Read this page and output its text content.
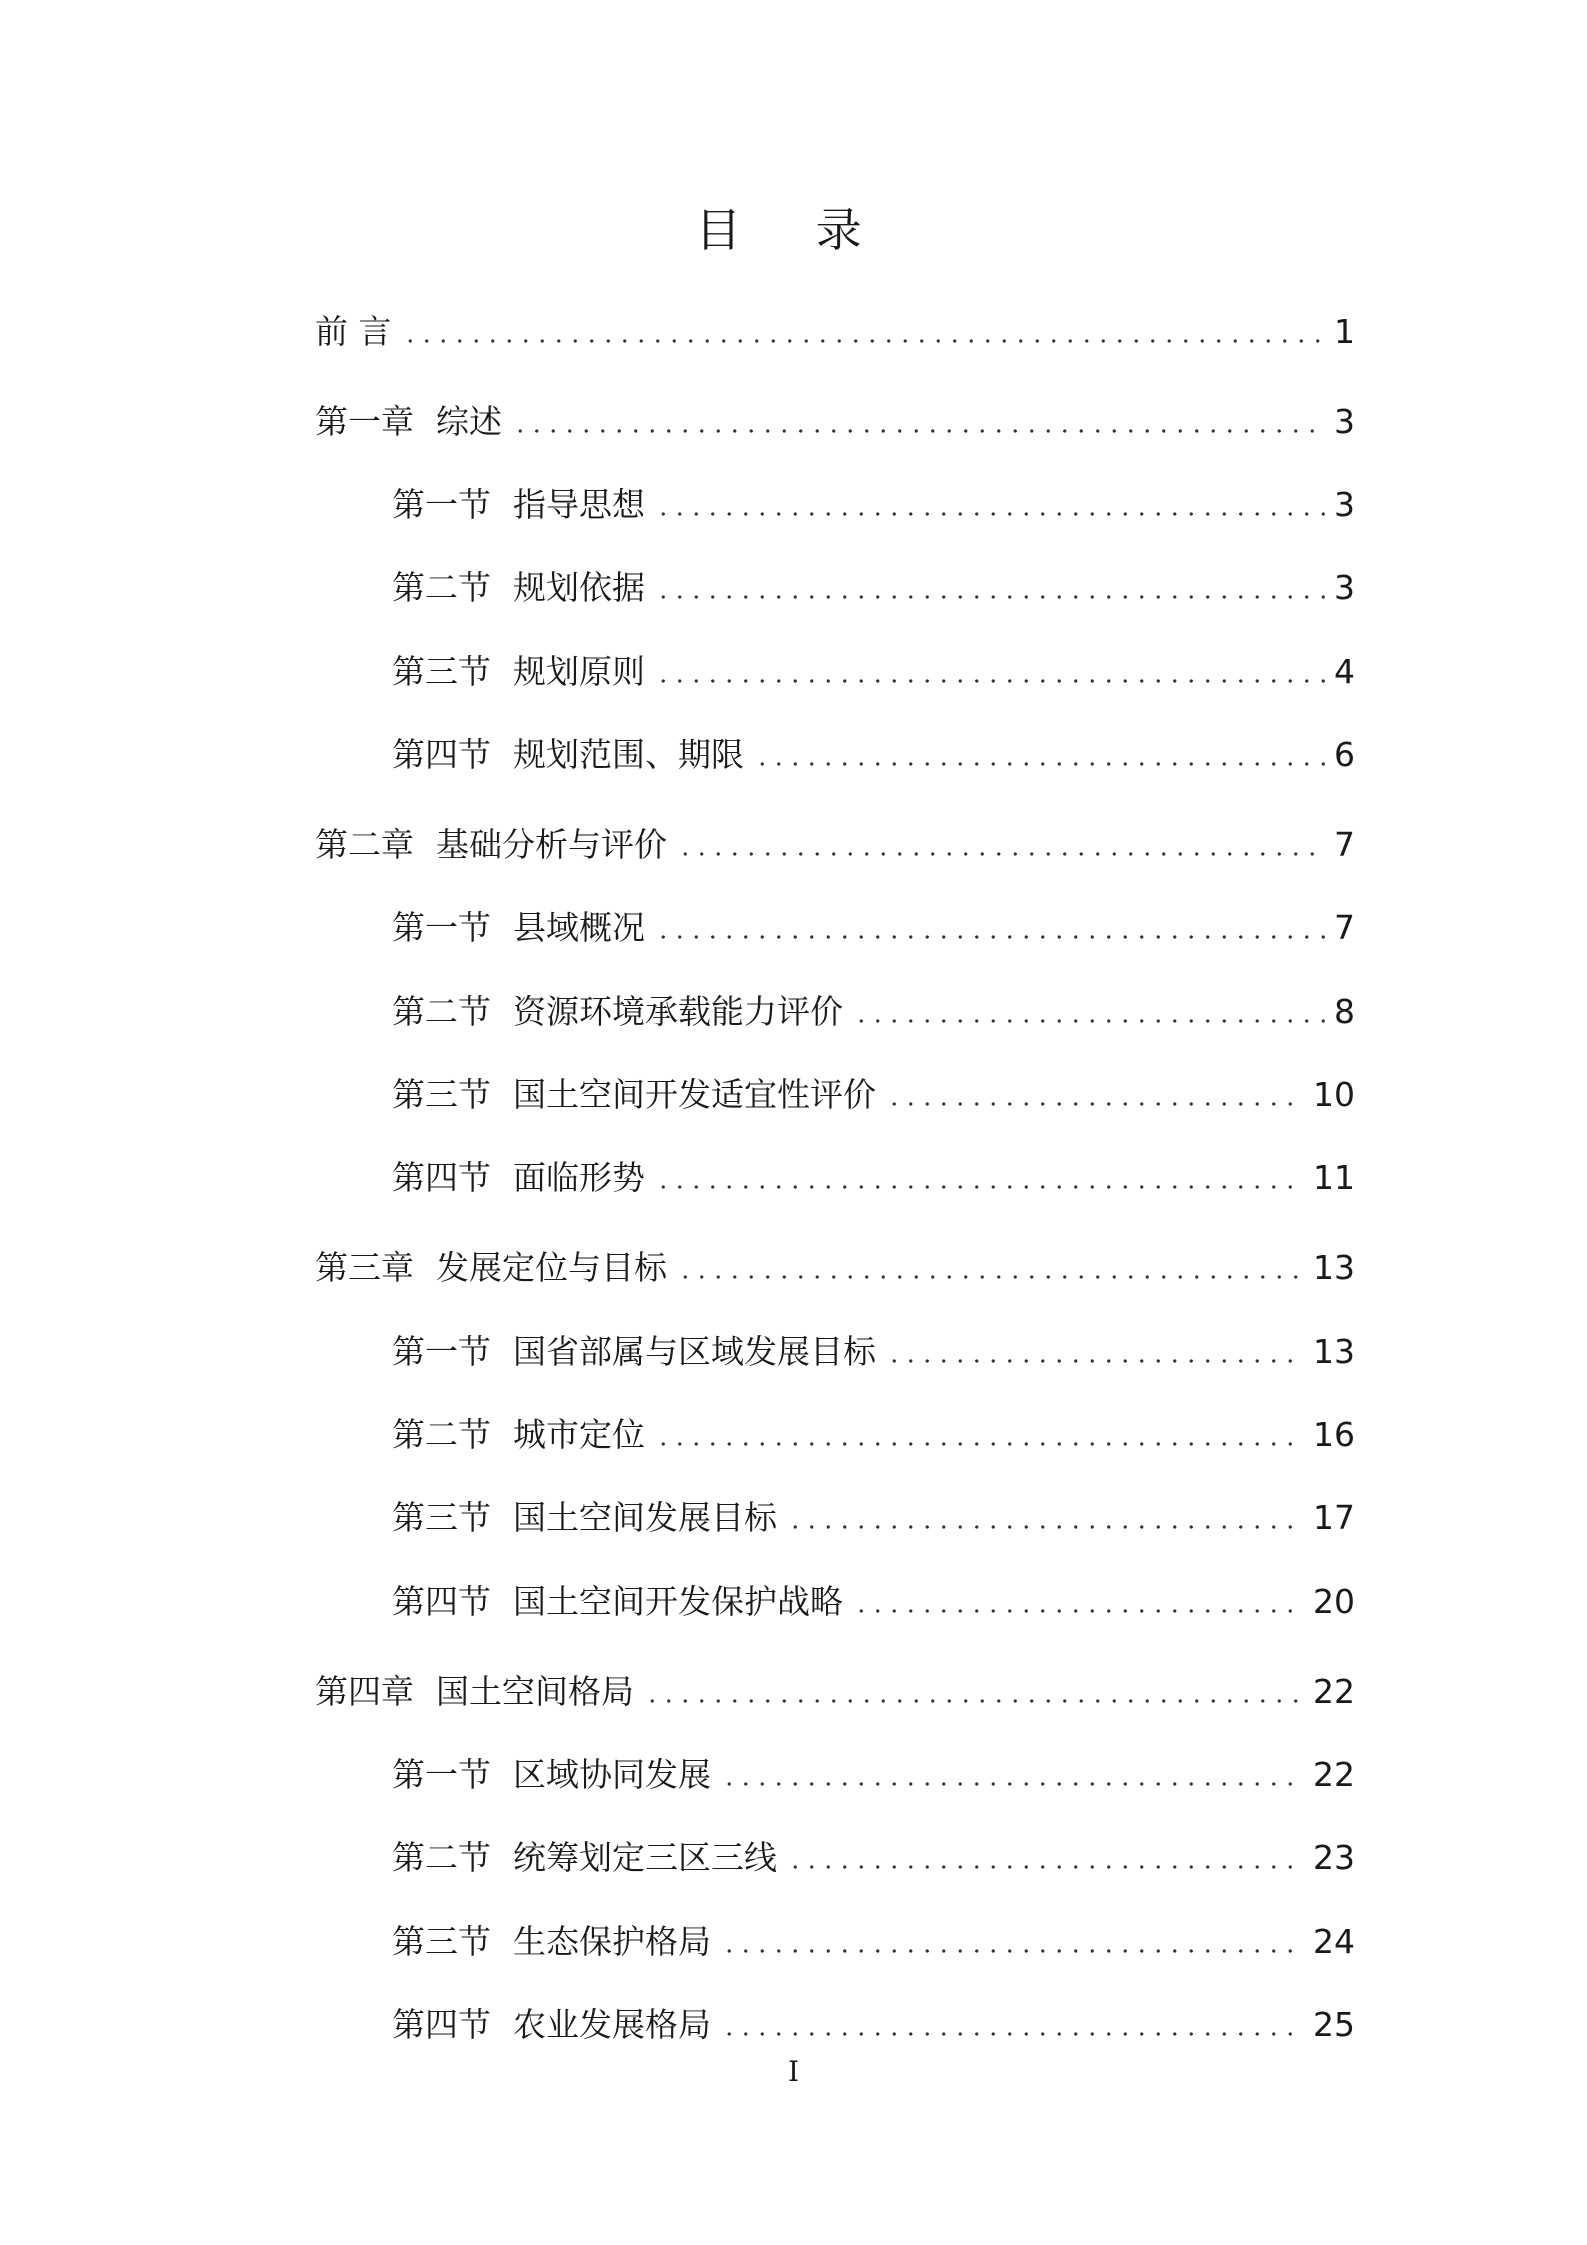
目 录
前 言	1
第一章 综述	3
第一节 指导思想	3
第二节 规划依据	3
第三节 规划原则	4
第四节 规划范围、期限	6
第二章 基础分析与评价	7
第一节 县域概况	7
第二节 资源环境承载能力评价	8
第三节 国土空间开发适宜性评价	10
第四节 面临形势	11
第三章 发展定位与目标	13
第一节 国省部属与区域发展目标	13
第二节 城市定位	16
第三节 国土空间发展目标	17
第四节 国土空间开发保护战略	20
第四章 国土空间格局	22
第一节 区域协同发展	22
第二节 统筹划定三区三线	23
第三节 生态保护格局	24
第四节 农业发展格局	25
I
